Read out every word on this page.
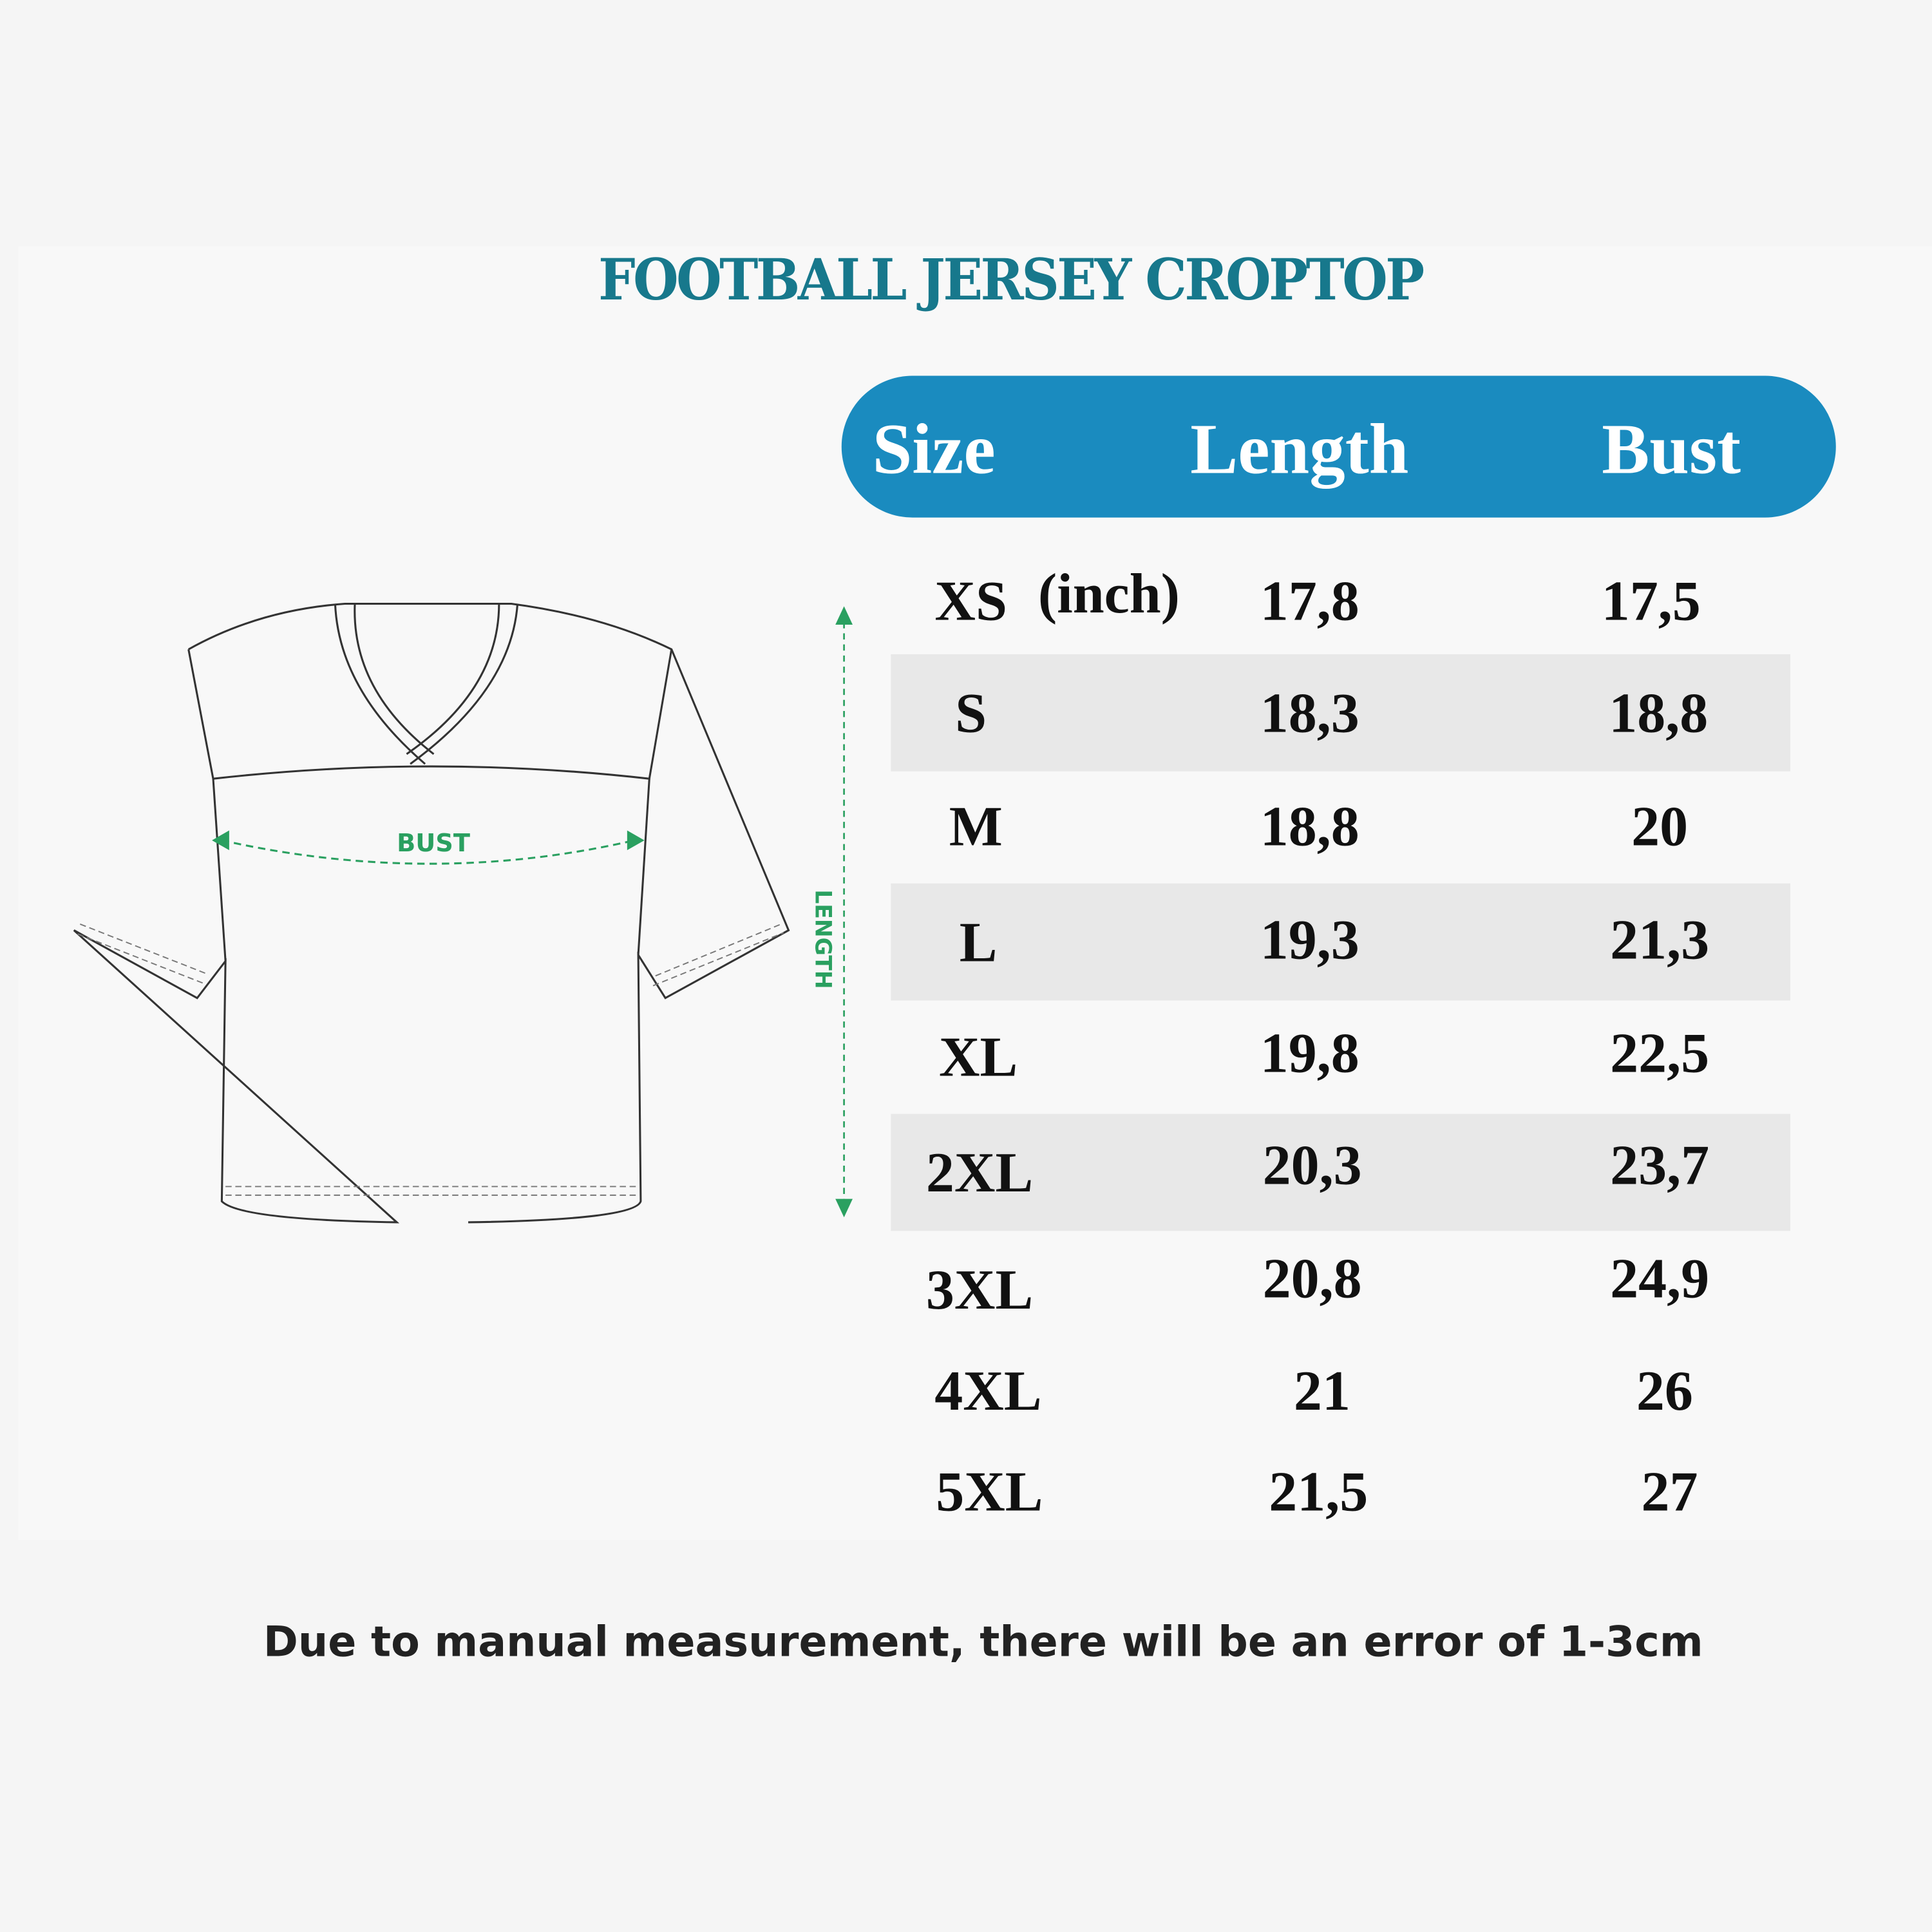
FOOTBALL JERSEY CROPTOP
BUST
LENGTH
Size	Length	Bust
XS (inch)	17,8	17,5
S	18,3	18,8
M	18,8	20
L	19,3	21,3
XL	19,8	22,5
2XL	20,3	23,7
3XL	20,8	24,9
4XL	21	26
5XL	21,5	27
Due to manual measurement, there will be an error of 1-3cm
